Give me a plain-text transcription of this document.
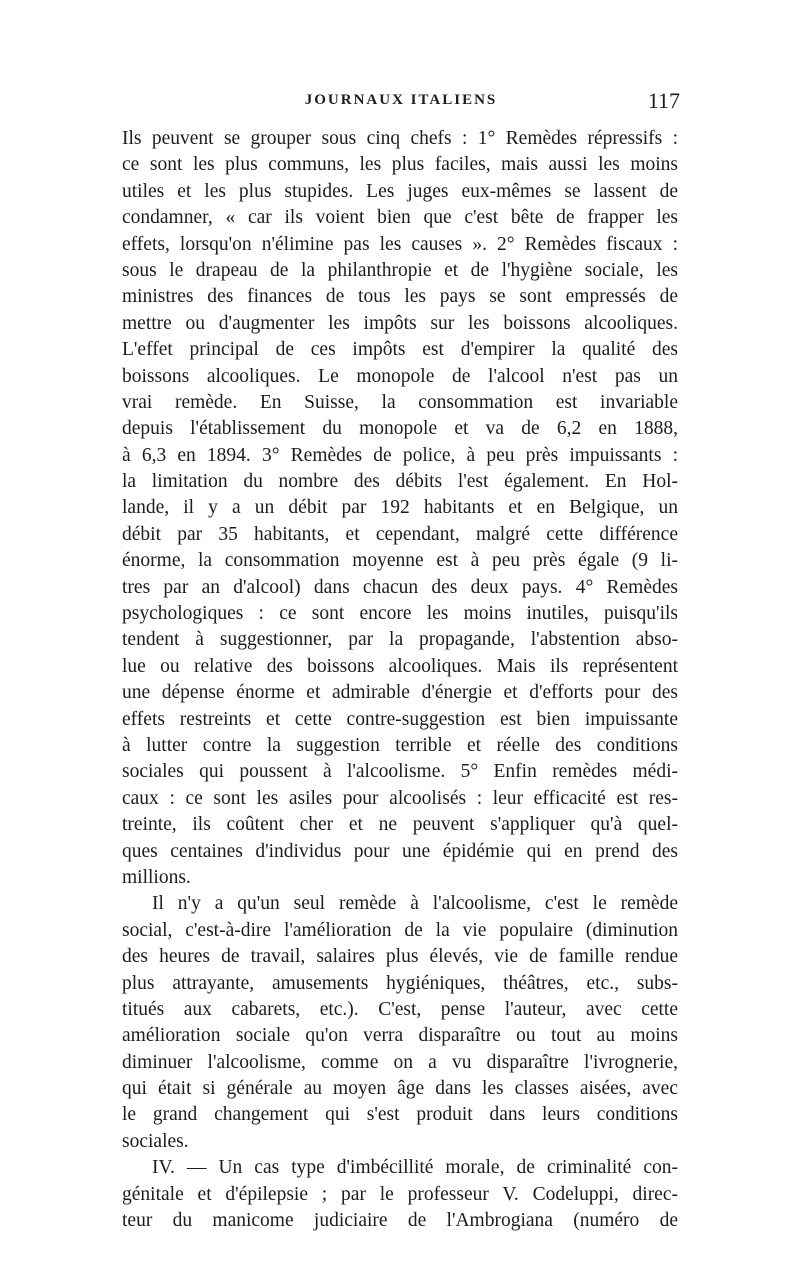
JOURNAUX ITALIENS	117
Ils peuvent se grouper sous cinq chefs : 1° Remèdes répressifs :
ce sont les plus communs, les plus faciles, mais aussi les moins
utiles et les plus stupides. Les juges eux-mêmes se lassent de
condamner, « car ils voient bien que c'est bête de frapper les
effets, lorsqu'on n'élimine pas les causes ». 2° Remèdes fiscaux :
sous le drapeau de la philanthropie et de l'hygiène sociale, les
ministres des finances de tous les pays se sont empressés de
mettre ou d'augmenter les impôts sur les boissons alcooliques.
L'effet principal de ces impôts est d'empirer la qualité des
boissons alcooliques. Le monopole de l'alcool n'est pas un
vrai remède. En Suisse, la consommation est invariable
depuis l'établissement du monopole et va de 6,2 en 1888,
à 6,3 en 1894. 3° Remèdes de police, à peu près impuissants :
la limitation du nombre des débits l'est également. En Hol-
lande, il y a un débit par 192 habitants et en Belgique, un
débit par 35 habitants, et cependant, malgré cette différence
énorme, la consommation moyenne est à peu près égale (9 li-
tres par an d'alcool) dans chacun des deux pays. 4° Remèdes
psychologiques : ce sont encore les moins inutiles, puisqu'ils
tendent à suggestionner, par la propagande, l'abstention abso-
lue ou relative des boissons alcooliques. Mais ils représentent
une dépense énorme et admirable d'énergie et d'efforts pour des
effets restreints et cette contre-suggestion est bien impuissante
à lutter contre la suggestion terrible et réelle des conditions
sociales qui poussent à l'alcoolisme. 5° Enfin remèdes médi-
caux : ce sont les asiles pour alcoolisés : leur efficacité est res-
treinte, ils coûtent cher et ne peuvent s'appliquer qu'à quel-
ques centaines d'individus pour une épidémie qui en prend des
millions.
Il n'y a qu'un seul remède à l'alcoolisme, c'est le remède
social, c'est-à-dire l'amélioration de la vie populaire (diminution
des heures de travail, salaires plus élevés, vie de famille rendue
plus attrayante, amusements hygiéniques, théâtres, etc., subs-
titués aux cabarets, etc.). C'est, pense l'auteur, avec cette
amélioration sociale qu'on verra disparaître ou tout au moins
diminuer l'alcoolisme, comme on a vu disparaître l'ivrognerie,
qui était si générale au moyen âge dans les classes aisées, avec
le grand changement qui s'est produit dans leurs conditions
sociales.
IV. — Un cas type d'imbécillité morale, de criminalité con-
génitale et d'épilepsie ; par le professeur V. Codeluppi, direc-
teur du manicome judiciaire de l'Ambrogiana (numéro de
